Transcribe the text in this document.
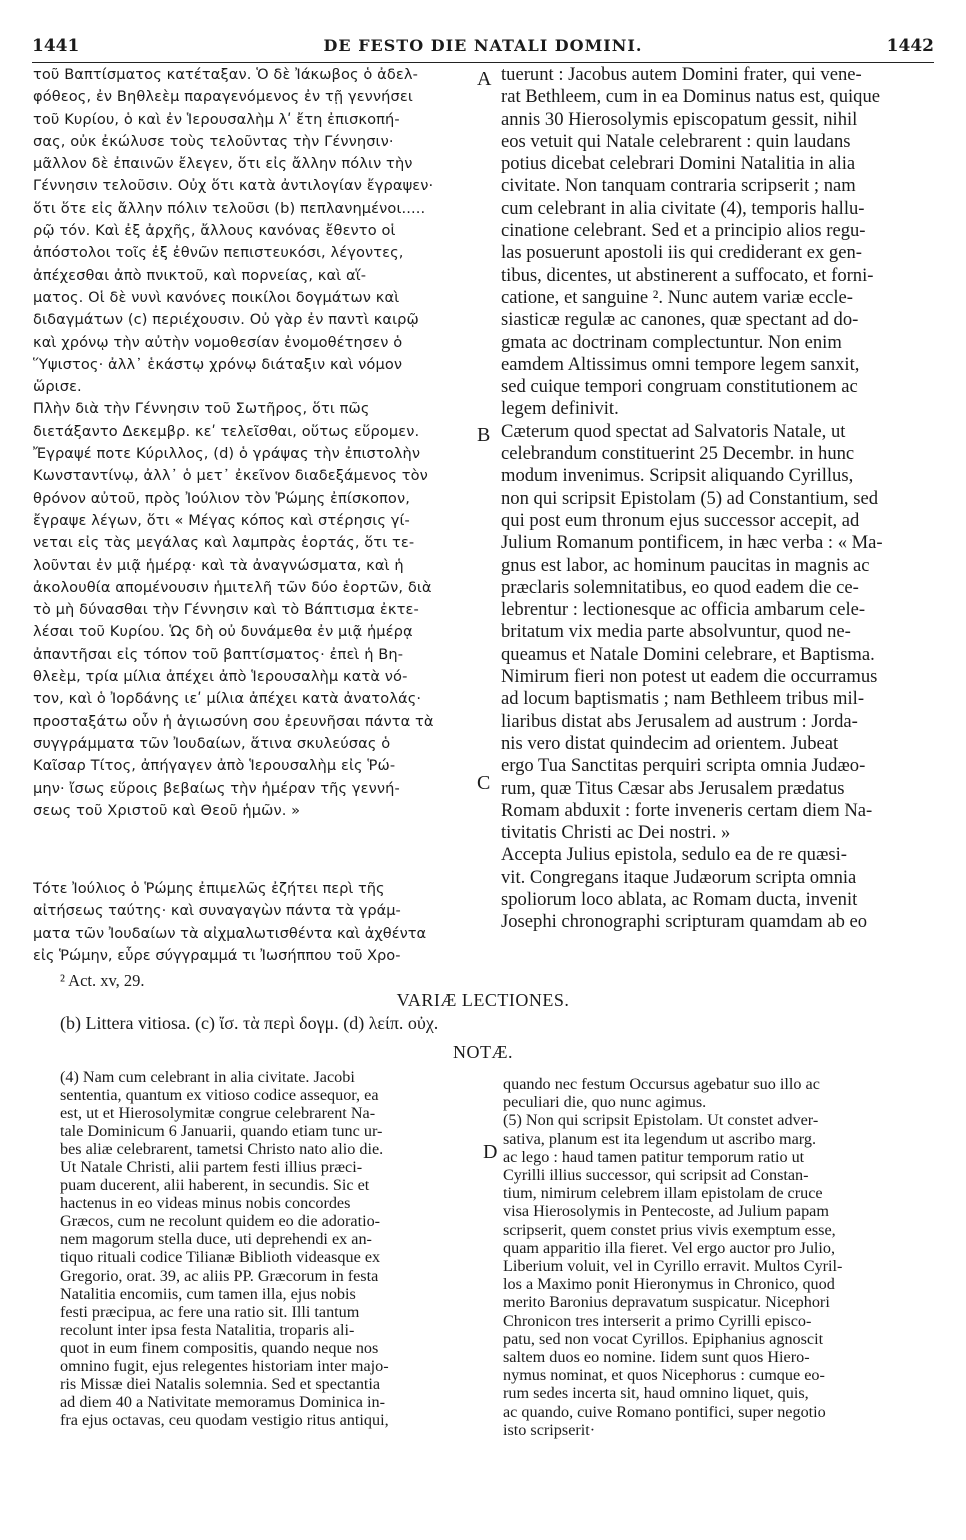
1441	DE FESTO DIE NATALI DOMINI.	1442
τοῦ Βαπτίσματος κατέταξαν. Ὁ δὲ Ἰάκωβος ὁ ἀδελ-
φόθεος, ἐν Βηθλεὲμ παραγενόμενος ἐν τῇ γεννήσει
τοῦ Κυρίου, ὁ καὶ ἐν Ἱερουσαλὴμ λʹ ἔτη ἐπισκοπή-
σας, οὐκ ἐκώλυσε τοὺς τελοῦντας τὴν Γέννησιν·
μᾶλλον δὲ ἐπαινῶν ἔλεγεν, ὅτι εἰς ἄλλην πόλιν τὴν
Γέννησιν τελοῦσιν. Οὐχ ὅτι κατὰ ἀντιλογίαν ἔγραψεν·
ὅτι ὅτε εἰς ἄλλην πόλιν τελοῦσι (b) πεπλανημένοι.....
ρῷ τόν. Καὶ ἐξ ἀρχῆς, ἄλλους κανόνας ἔθεντο οἱ
ἀπόστολοι τοῖς ἐξ ἐθνῶν πεπιστευκόσι, λέγοντες,
ἀπέχεσθαι ἀπὸ πνικτοῦ, καὶ πορνείας, καὶ αἵ-
ματος. Οἱ δὲ νυνὶ κανόνες ποικίλοι δογμάτων καὶ
διδαγμάτων (c) περιέχουσιν. Οὐ γὰρ ἐν παντὶ καιρῷ
καὶ χρόνῳ τὴν αὐτὴν νομοθεσίαν ἐνομοθέτησεν ὁ
Ὕψιστος· ἀλλ᾽ ἑκάστῳ χρόνῳ διάταξιν καὶ νόμον
ὥρισε.
Πλὴν διὰ τὴν Γέννησιν τοῦ Σωτῆρος, ὅτι πῶς
διετάξαντο Δεκεμβρ. κεʹ τελεῖσθαι, οὕτως εὕρομεν.
Ἔγραψέ ποτε Κύριλλος, (d) ὁ γράψας τὴν ἐπιστολὴν
Κωνσταντίνῳ, ἀλλ᾽ ὁ μετ᾽ ἐκεῖνον διαδεξάμενος τὸν
θρόνον αὐτοῦ, πρὸς Ἰούλιον τὸν Ῥώμης ἐπίσκοπον,
ἔγραψε λέγων, ὅτι « Μέγας κόπος καὶ στέρησις γί-
νεται εἰς τὰς μεγάλας καὶ λαμπρὰς ἑορτάς, ὅτι τε-
λοῦνται ἐν μιᾷ ἡμέρᾳ· καὶ τὰ ἀναγνώσματα, καὶ ἡ
ἀκολουθία απομένουσιν ἡμιτελῆ τῶν δύο ἑορτῶν, διὰ
τὸ μὴ δύνασθαι τὴν Γέννησιν καὶ τὸ Βάπτισμα ἐκτε-
λέσαι τοῦ Κυρίου. Ὡς δὴ οὐ δυνάμεθα ἐν μιᾷ ἡμέρᾳ
ἀπαντῆσαι εἰς τόπον τοῦ βαπτίσματος· ἐπεὶ ἡ Βη-
θλεὲμ, τρία μίλια ἀπέχει ἀπὸ Ἱερουσαλὴμ κατὰ νό-
τον, καὶ ὁ Ἰορδάνης ιεʹ μίλια ἀπέχει κατὰ ἀνατολάς·
προσταξάτω οὖν ἡ ἁγιωσύνη σου ἐρευνῆσαι πάντα τὰ
συγγράμματα τῶν Ἰουδαίων, ἅτινα σκυλεύσας ὁ
Καῖσαρ Τίτος, ἀπήγαγεν ἀπὸ Ἱερουσαλὴμ εἰς Ῥώ-
μην· ἴσως εὕροις βεβαίως τὴν ἡμέραν τῆς γεννή-
σεως τοῦ Χριστοῦ καὶ Θεοῦ ἡμῶν. »
tuerunt : Jacobus autem Domini frater, qui vene-
rat Bethleem, cum in ea Dominus natus est, quique
annis 30 Hierosolymis episcopatum gessit, nihil
eos vetuit qui Natale celebrarent : quin laudans
potius dicebat celebrari Domini Natalitia in alia
civitate. Non tanquam contraria scripserit ; nam
cum celebrant in alia civitate (4), temporis hallu-
cinatione celebrant. Sed et a principio alios regu-
las posuerunt apostoli iis qui crediderant ex gen-
tibus, dicentes, ut abstinerent a suffocato, et forni-
catione, et sanguine ². Nunc autem variæ eccle-
siasticæ regulæ ac canones, quæ spectant ad do-
gmata ac doctrinam complectuntur. Non enim
eamdem Altissimus omni tempore legem sanxit,
sed cuique tempori congruam constitutionem ac
legem definivit.
Cæterum quod spectat ad Salvatoris Natale, ut
celebrandum constituerint 25 Decembr. in hunc
modum invenimus. Scripsit aliquando Cyrillus,
non qui scripsit Epistolam (5) ad Constantium, sed
qui post eum thronum ejus successor accepit, ad
Julium Romanum pontificem, in hæc verba : « Ma-
gnus est labor, ac hominum paucitas in magnis ac
præclaris solemnitatibus, eo quod eadem die ce-
lebrentur : lectionesque ac officia ambarum cele-
britatum vix media parte absolvuntur, quod ne-
queamus et Natale Domini celebrare, et Baptisma.
Nimirum fieri non potest ut eadem die occurramus
ad locum baptismatis ; nam Bethleem tribus mil-
liaribus distat abs Jerusalem ad austrum : Jorda-
nis vero distat quindecim ad orientem. Jubeat
ergo Tua Sanctitas perquiri scripta omnia Judæo-
rum, quæ Titus Cæsar abs Jerusalem prædatus
Romam abduxit : forte inveneris certam diem Na-
tivitatis Christi ac Dei nostri. »
Accepta Julius epistola, sedulo ea de re quæsi-
vit. Congregans itaque Judæorum scripta omnia
spoliorum loco ablata, ac Romam ducta, invenit
Josephi chronographi scripturam quamdam ab eo
Τότε Ἰούλιος ὁ Ῥώμης ἐπιμελῶς ἐζήτει περὶ τῆς
αἰτήσεως ταύτης· καὶ συναγαγὼν πάντα τὰ γράμ-
ματα τῶν Ἰουδαίων τὰ αἰχμαλωτισθέντα καὶ ἀχθέντα
εἰς Ῥώμην, εὗρε σύγγραμμά τι Ἰωσήππου τοῦ Χρο-
A
B
C
D
² Act. xv, 29.
VARIÆ LECTIONES.
(b) Littera vitiosa. (c) ἴσ. τὰ περὶ δογμ. (d) λείπ. οὐχ.
NOTÆ.
(4) Nam cum celebrant in alia civitate. Jacobi
sententia, quantum ex vitioso codice assequor, ea
est, ut et Hierosolymitæ congrue celebrarent Na-
tale Dominicum 6 Januarii, quando etiam tunc ur-
bes aliæ celebrarent, tametsi Christo nato alio die.
Ut Natale Christi, alii partem festi illius præci-
puam ducerent, alii haberent, in secundis. Sic et
hactenus in eo videas minus nobis concordes
Græcos, cum ne recolunt quidem eo die adoratio-
nem magorum stella duce, uti deprehendi ex an-
tiquo rituali codice Tilianæ Biblioth videasque ex
Gregorio, orat. 39, ac aliis PP. Græcorum in festa
Natalitia encomiis, cum tamen illa, ejus nobis
festi præcipua, ac fere una ratio sit. Illi tantum
recolunt inter ipsa festa Natalitia, troparis ali-
quot in eum finem compositis, quando neque nos
omnino fugit, ejus relegentes historiam inter majo-
ris Missæ diei Natalis solemnia. Sed et spectantia
ad diem 40 a Nativitate memoramus Dominica in-
fra ejus octavas, ceu quodam vestigio ritus antiqui,
quando nec festum Occursus agebatur suo illo ac
peculiari die, quo nunc agimus.
(5) Non qui scripsit Epistolam. Ut constet adver-
sativa, planum est ita legendum ut ascribo marg.
ac lego : haud tamen patitur temporum ratio ut
Cyrilli illius successor, qui scripsit ad Constan-
tium, nimirum celebrem illam epistolam de cruce
visa Hierosolymis in Pentecoste, ad Julium papam
scripserit, quem constet prius vivis exemptum esse,
quam apparitio illa fieret. Vel ergo auctor pro Julio,
Liberium voluit, vel in Cyrillo erravit. Multos Cyril-
los a Maximo ponit Hieronymus in Chronico, quod
merito Baronius depravatum suspicatur. Nicephori
Chronicon tres interserit a primo Cyrilli episco-
patu, sed non vocat Cyrillos. Epiphanius agnoscit
saltem duos eo nomine. Iidem sunt quos Hiero-
nymus nominat, et quos Nicephorus : cumque eo-
rum sedes incerta sit, haud omnino liquet, quis,
ac quando, cuive Romano pontifici, super negotio
isto scripserit·
